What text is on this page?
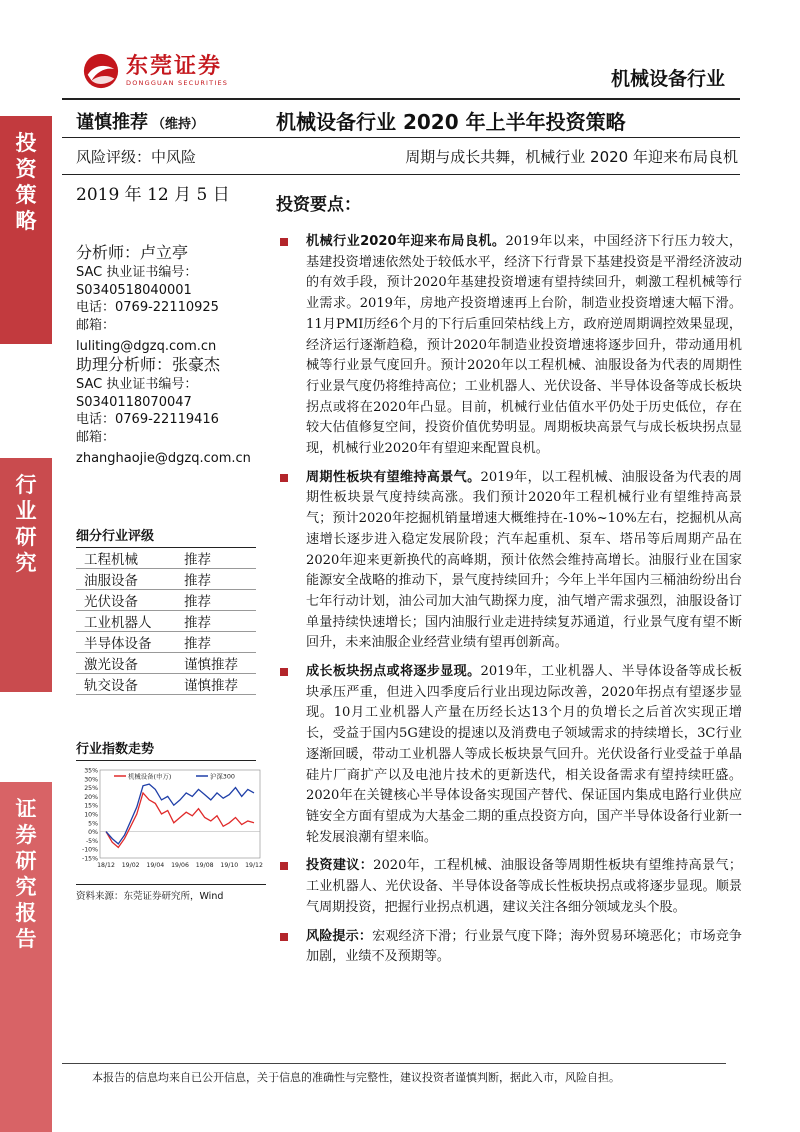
投
资
策
略
行
业
研
究
证
券
研
究
报
告
东莞证券
DONGGUAN SECURITIES	机械设备行业
谨慎推荐 （维持）	机械设备行业 2020 年上半年投资策略
风险评级：中风险	周期与成长共舞，机械行业 2020 年迎来布局良机
2019 年 12 月 5 日
分析师：卢立亭
SAC 执业证书编号：
S0340518040001
电话：0769-22110925
邮箱：
luliting@dgzq.com.cn
助理分析师：张豪杰
SAC 执业证书编号：
S0340118070047
电话：0769-22119416
邮箱：
zhanghaojie@dgzq.com.cn
细分行业评级
工程机械	推荐
油服设备	推荐
光伏设备	推荐
工业机器人	推荐
半导体设备	推荐
激光设备	谨慎推荐
轨交设备	谨慎推荐
行业指数走势
35%
30%
25%
20%
15%
10%
5%
0%
-5%
-10%
-15%
18/12 19/02 19/04 19/06 19/08 19/10 19/12
机械设备(申万)	沪深300
资料来源：东莞证券研究所，Wind
投资要点：
机械行业2020年迎来布局良机。2019年以来，中国经济下行压力较大，基建投资增速依然处于较低水平，经济下行背景下基建投资是平滑经济波动的有效手段，预计2020年基建投资增速有望持续回升，刺激工程机械等行业需求。2019年，房地产投资增速再上台阶，制造业投资增速大幅下滑。11月PMI历经6个月的下行后重回荣枯线上方，政府逆周期调控效果显现，经济运行逐渐趋稳，预计2020年制造业投资增速将逐步回升，带动通用机械等行业景气度回升。预计2020年以工程机械、油服设备为代表的周期性行业景气度仍将维持高位；工业机器人、光伏设备、半导体设备等成长板块拐点或将在2020年凸显。目前，机械行业估值水平仍处于历史低位，存在较大估值修复空间，投资价值优势明显。周期板块高景气与成长板块拐点显现，机械行业2020年有望迎来配置良机。
周期性板块有望维持高景气。2019年，以工程机械、油服设备为代表的周期性板块景气度持续高涨。我们预计2020年工程机械行业有望维持高景气；预计2020年挖掘机销量增速大概维持在-10%~10%左右，挖掘机从高速增长逐步进入稳定发展阶段；汽车起重机、泵车、塔吊等后周期产品在2020年迎来更新换代的高峰期，预计依然会维持高增长。油服行业在国家能源安全战略的推动下，景气度持续回升；今年上半年国内三桶油纷纷出台七年行动计划，油公司加大油气勘探力度，油气增产需求强烈，油服设备订单量持续快速增长；国内油服行业走进持续复苏通道，行业景气度有望不断回升，未来油服企业经营业绩有望再创新高。
成长板块拐点或将逐步显现。2019年，工业机器人、半导体设备等成长板块承压严重，但进入四季度后行业出现边际改善，2020年拐点有望逐步显现。10月工业机器人产量在历经长达13个月的负增长之后首次实现正增长，受益于国内5G建设的提速以及消费电子领域需求的持续增长，3C行业逐渐回暖，带动工业机器人等成长板块景气回升。光伏设备行业受益于单晶硅片厂商扩产以及电池片技术的更新迭代，相关设备需求有望持续旺盛。2020年在关键核心半导体设备实现国产替代、保证国内集成电路行业供应链安全方面有望成为大基金二期的重点投资方向，国产半导体设备行业新一轮发展浪潮有望来临。
投资建议：2020年，工程机械、油服设备等周期性板块有望维持高景气；工业机器人、光伏设备、半导体设备等成长性板块拐点或将逐步显现。顺景气周期投资，把握行业拐点机遇，建议关注各细分领域龙头个股。
风险提示：宏观经济下滑；行业景气度下降；海外贸易环境恶化；市场竞争加剧，业绩不及预期等。
本报告的信息均来自已公开信息，关于信息的准确性与完整性，建议投资者谨慎判断，据此入市，风险自担。
